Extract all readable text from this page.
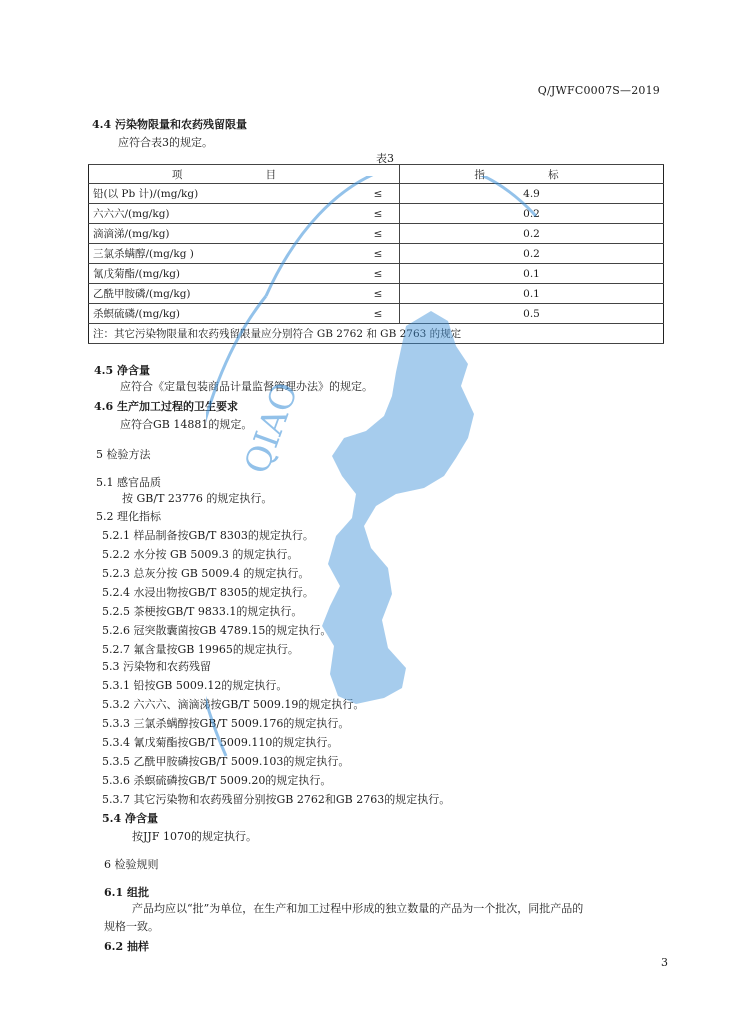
Q/JWFC0007S—2019
4.4 污染物限量和农药残留限量
应符合表3的规定。
表3
项 目		指 标
铅(以 Pb 计)/(mg/kg)	≤	4.9
六六六/(mg/kg)	≤	0.2
滴滴涕/(mg/kg)	≤	0.2
三氯杀螨醇/(mg/kg )	≤	0.2
氰戊菊酯/(mg/kg)	≤	0.1
乙酰甲胺磷/(mg/kg)	≤	0.1
杀螟硫磷/(mg/kg)	≤	0.5
注：其它污染物限量和农药残留限量应分别符合 GB 2762 和 GB 2763 的规定		
4.5 净含量
应符合《定量包装商品计量监督管理办法》的规定。
4.6 生产加工过程的卫生要求
应符合GB 14881的规定。
5 检验方法
5.1 感官品质
按 GB/T 23776 的规定执行。
5.2 理化指标
5.2.1 样品制备按GB/T 8303的规定执行。
5.2.2 水分按 GB 5009.3 的规定执行。
5.2.3 总灰分按 GB 5009.4 的规定执行。
5.2.4 水浸出物按GB/T 8305的规定执行。
5.2.5 茶梗按GB/T 9833.1的规定执行。
5.2.6 冠突散囊菌按GB 4789.15的规定执行。
5.2.7 氟含量按GB 19965的规定执行。
5.3 污染物和农药残留
5.3.1 铅按GB 5009.12的规定执行。
5.3.2 六六六、滴滴涕按GB/T 5009.19的规定执行。
5.3.3 三氯杀螨醇按GB/T 5009.176的规定执行。
5.3.4 氰戊菊酯按GB/T 5009.110的规定执行。
5.3.5 乙酰甲胺磷按GB/T 5009.103的规定执行。
5.3.6 杀螟硫磷按GB/T 5009.20的规定执行。
5.3.7 其它污染物和农药残留分别按GB 2762和GB 2763的规定执行。
5.4 净含量
按JJF 1070的规定执行。
6 检验规则
6.1 组批
产品均应以“批”为单位，在生产和加工过程中形成的独立数量的产品为一个批次，同批产品的
规格一致。
6.2 抽样
3
QIAO
